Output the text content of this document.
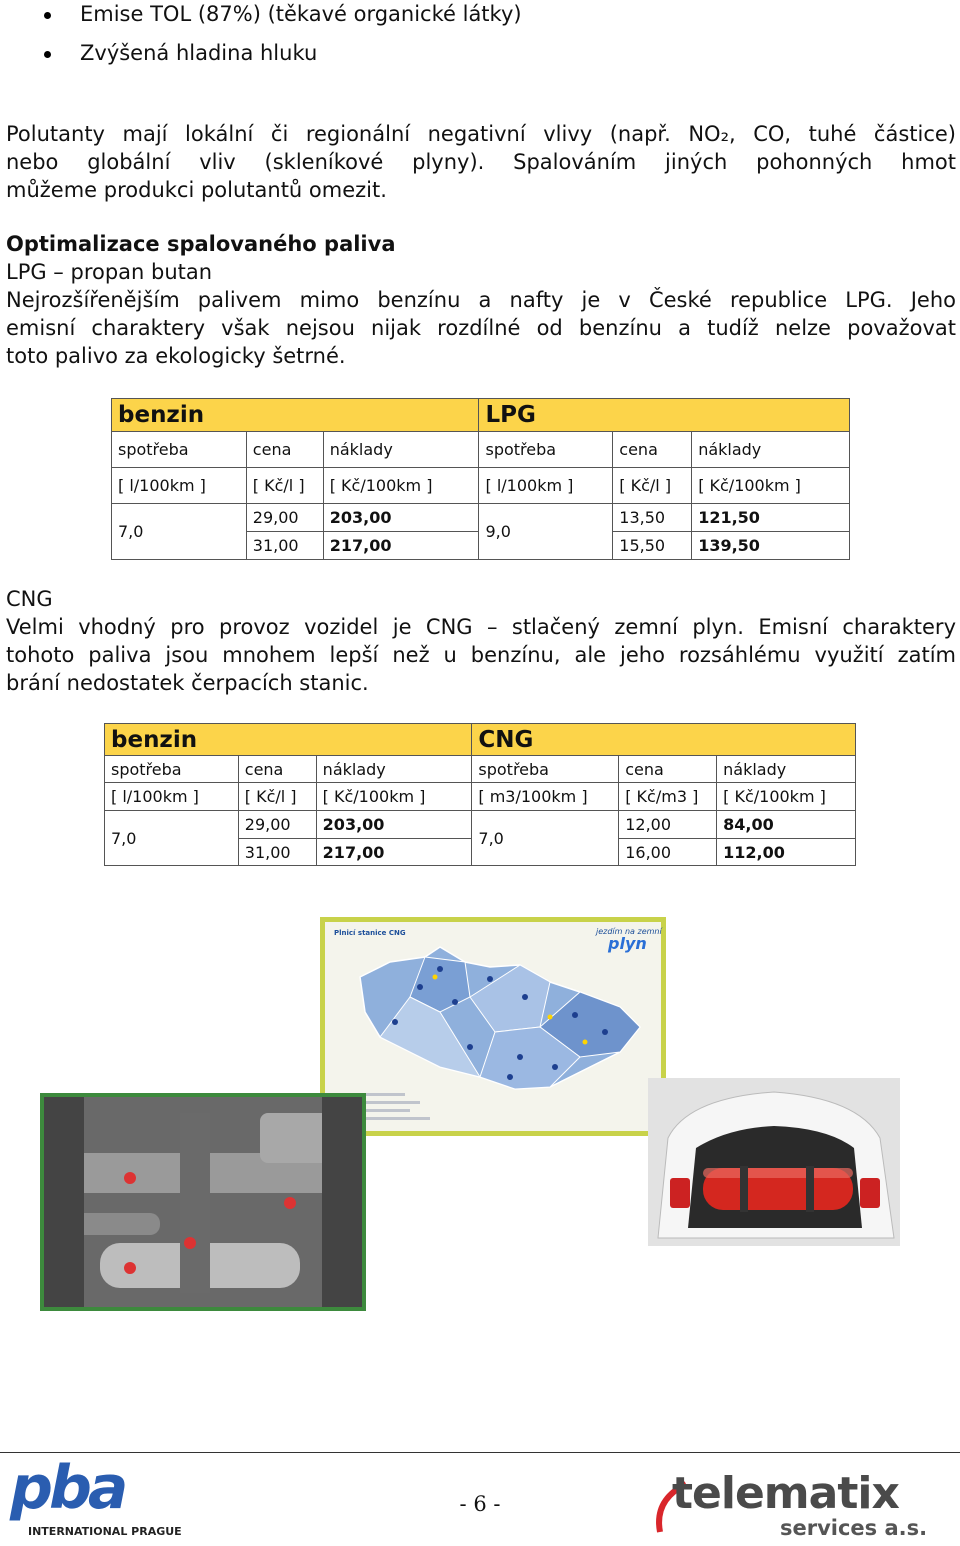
Emise TOL (87%) (těkavé organické látky)
Zvýšená hladina hluku
Polutanty mají lokální či regionální negativní vlivy (např. NO₂, CO, tuhé částice)
nebo globální vliv (skleníkové plyny). Spalováním jiných pohonných hmot
můžeme produkci polutantů omezit.
Optimalizace spalovaného paliva
LPG – propan butan
Nejrozšířenějším palivem mimo benzínu a nafty je v České republice LPG. Jeho
emisní charaktery však nejsou nijak rozdílné od benzínu a tudíž nelze považovat
toto palivo za ekologicky šetrné.
benzin			LPG		
spotřeba	cena	náklady	spotřeba	cena	náklady
[ l/100km ]	[ Kč/l ]	[ Kč/100km ]	[ l/100km ]	[ Kč/l ]	[ Kč/100km ]
7,0	29,00	203,00	9,0	13,50	121,50
	31,00	217,00		15,50	139,50
CNG
Velmi vhodný pro provoz vozidel je CNG – stlačený zemní plyn. Emisní charaktery
tohoto paliva jsou mnohem lepší než u benzínu, ale jeho rozsáhlému využití zatím
brání nedostatek čerpacích stanic.
benzin			CNG		
spotřeba	cena	náklady	spotřeba	cena	náklady
[ l/100km ]	[ Kč/l ]	[ Kč/100km ]	[ m3/100km ]	[ Kč/m3 ]	[ Kč/100km ]
7,0	29,00	203,00	7,0	12,00	84,00
	31,00	217,00		16,00	112,00
Plnicí stanice CNG	jezdím na zemní
plyn
pba
INTERNATIONAL PRAGUE
- 6 -	telematix
services a.s.
